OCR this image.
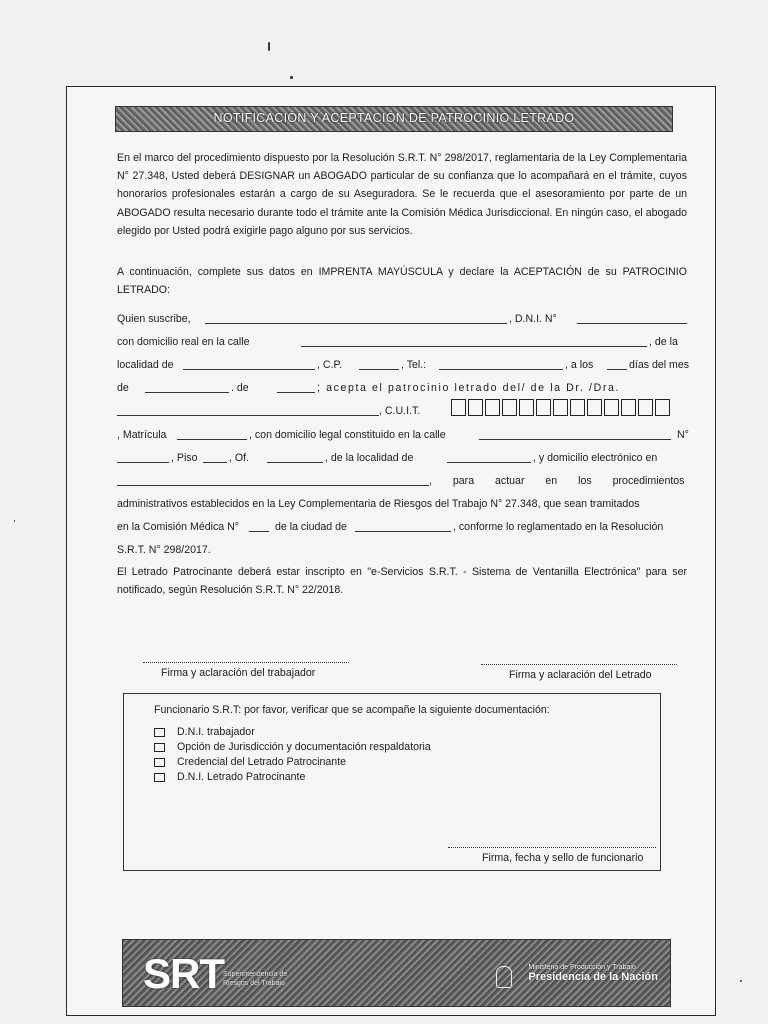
NOTIFICACIÓN Y ACEPTACIÓN DE PATROCINIO LETRADO
En el marco del procedimiento dispuesto por la Resolución S.R.T. N° 298/2017, reglamentaria de la Ley Complementaria N° 27.348, Usted deberá DESIGNAR un ABOGADO particular de su confianza que lo acompañará en el trámite, cuyos honorarios profesionales estarán a cargo de su Aseguradora. Se le recuerda que el asesoramiento por parte de un ABOGADO resulta necesario durante todo el trámite ante la Comisión Médica Jurisdiccional. En ningún caso, el abogado elegido por Usted podrá exigirle pago alguno por sus servicios.
A continuación, complete sus datos en IMPRENTA MAYÚSCULA y declare la ACEPTACIÓN de su PATROCINIO LETRADO:
Quien suscribe,	, D.N.I. N°
con domicilio real en la calle	, de la
localidad de	, C.P.	, Tel.:	, a los	días del mes
de	. de	; acepta el patrocinio letrado del/ de la Dr. /Dra.
, C.U.I.T.
, Matrícula	, con domicilio legal constituido en la calle	N°
, Piso	, Of.	, de la localidad de	, y domicilio electrónico en
, para actuar en los procedimientos
administrativos establecidos en la Ley Complementaria de Riesgos del Trabajo N° 27.348, que sean tramitados
en la Comisión Médica N°	de la ciudad de	, conforme lo reglamentado en la Resolución
S.R.T. N° 298/2017.
El Letrado Patrocinante deberá estar inscripto en "e-Servicios S.R.T. - Sistema de Ventanilla Electrónica" para ser notificado, según Resolución S.R.T. N° 22/2018.
Firma y aclaración del trabajador	Firma y aclaración del Letrado
Funcionario S.R.T: por favor, verificar que se acompañe la siguiente documentación:
D.N.I. trabajador
Opción de Jurisdicción y documentación respaldatoria
Credencial del Letrado Patrocinante
D.N.I. Letrado Patrocinante
Firma, fecha y sello de funcionario
SRT Superintendencia de
Riesgos del Trabajo
Ministerio de Producción y Trabajo
Presidencia de la Nación
